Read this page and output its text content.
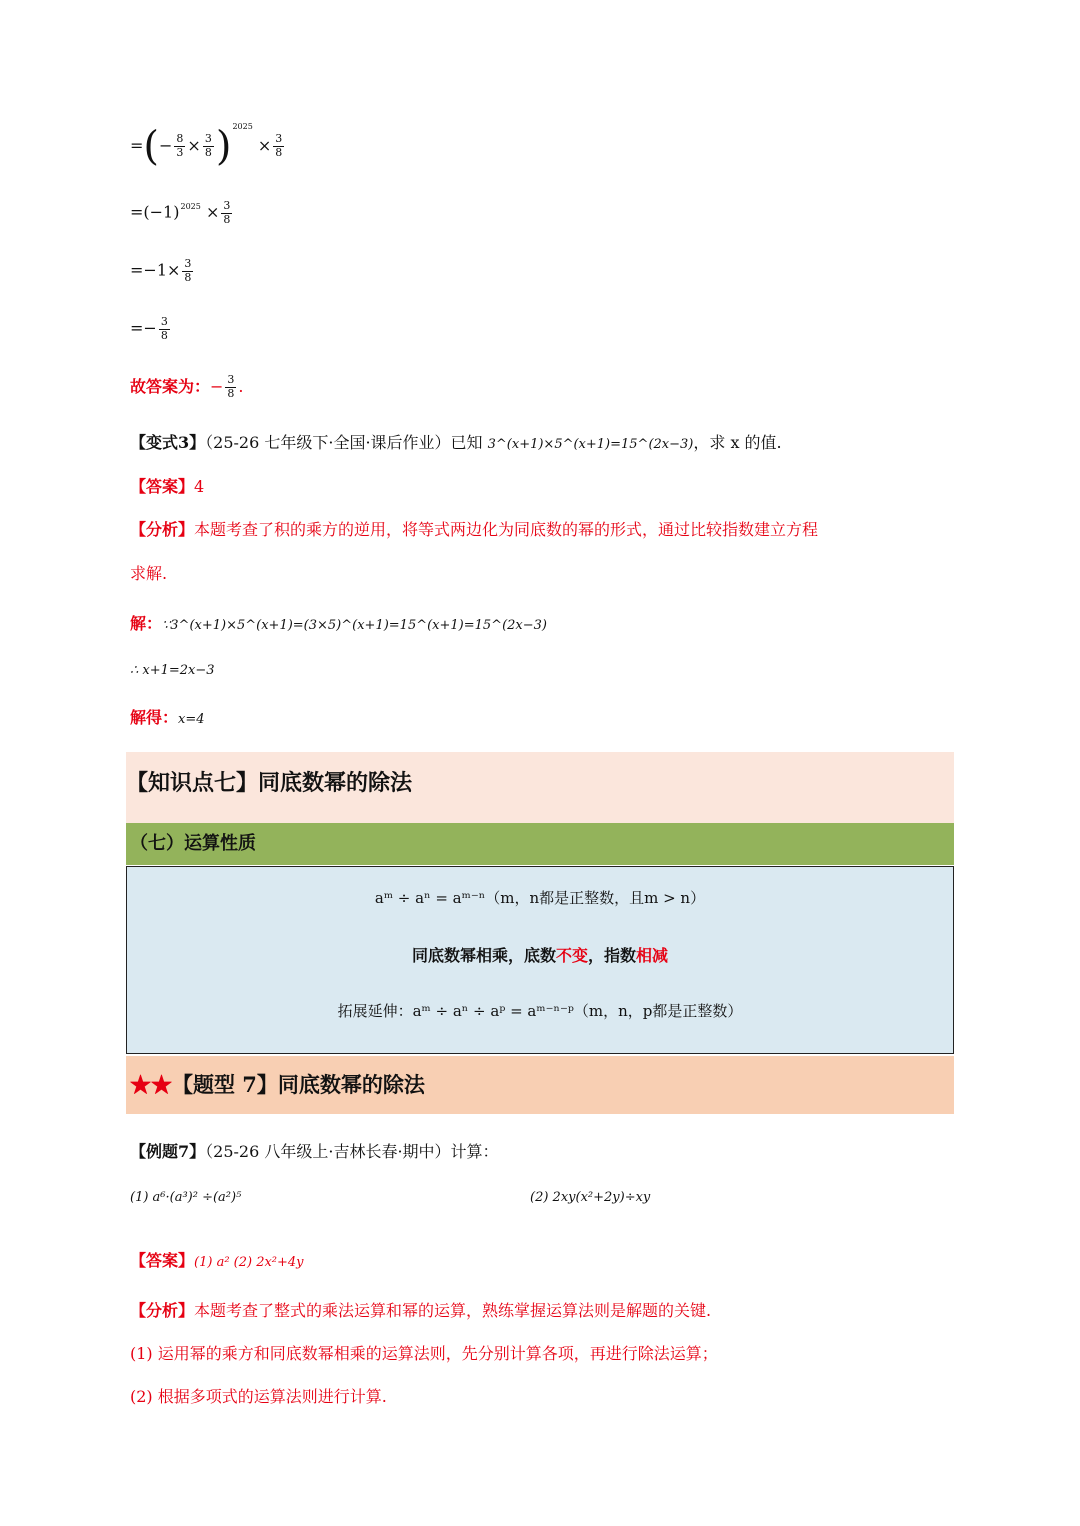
=(− $\frac{8}{3} \times \frac{3}{8} )^{2025} \times \frac{3}{8}$
$=(-1)^{2025} \times \frac{3}{8}$
$=-1\times \frac{3}{8}$
=− $\frac{3}{8}$
故答案为：− $\frac{3}{8}$ .
【变式3】（25-26 七年级下·全国·课后作业）已知 3^(x+1)×5^(x+1)=15^(2x−3)，求 x 的值.
【答案】4
【分析】本题考查了积的乘方的逆用，将等式两边化为同底数的幂的形式，通过比较指数建立方程
求解.
解：∵3^(x+1)×5^(x+1)=(3×5)^(x+1)=15^(x+1)=15^(2x−3)
∴ x+1=2x−3
解得：x=4
【知识点七】同底数幂的除法
（七）运算性质
aᵐ ÷ aⁿ = aᵐ⁻ⁿ（m，n都是正整数，且m > n）
同底数幂相乘，底数不变，指数相减
拓展延伸：aᵐ ÷ aⁿ ÷ aᵖ = aᵐ⁻ⁿ⁻ᵖ（m，n，p都是正整数）
★★【题型 7】同底数幂的除法
【例题7】（25-26 八年级上·吉林长春·期中）计算：
(1) a⁶·(a³)² ÷(a²)⁵	(2) 2xy(x²+2y)÷xy
【答案】(1) a² (2) 2x²+4y
【分析】本题考查了整式的乘法运算和幂的运算，熟练掌握运算法则是解题的关键.
(1) 运用幂的乘方和同底数幂相乘的运算法则，先分别计算各项，再进行除法运算；
(2) 根据多项式的运算法则进行计算.
